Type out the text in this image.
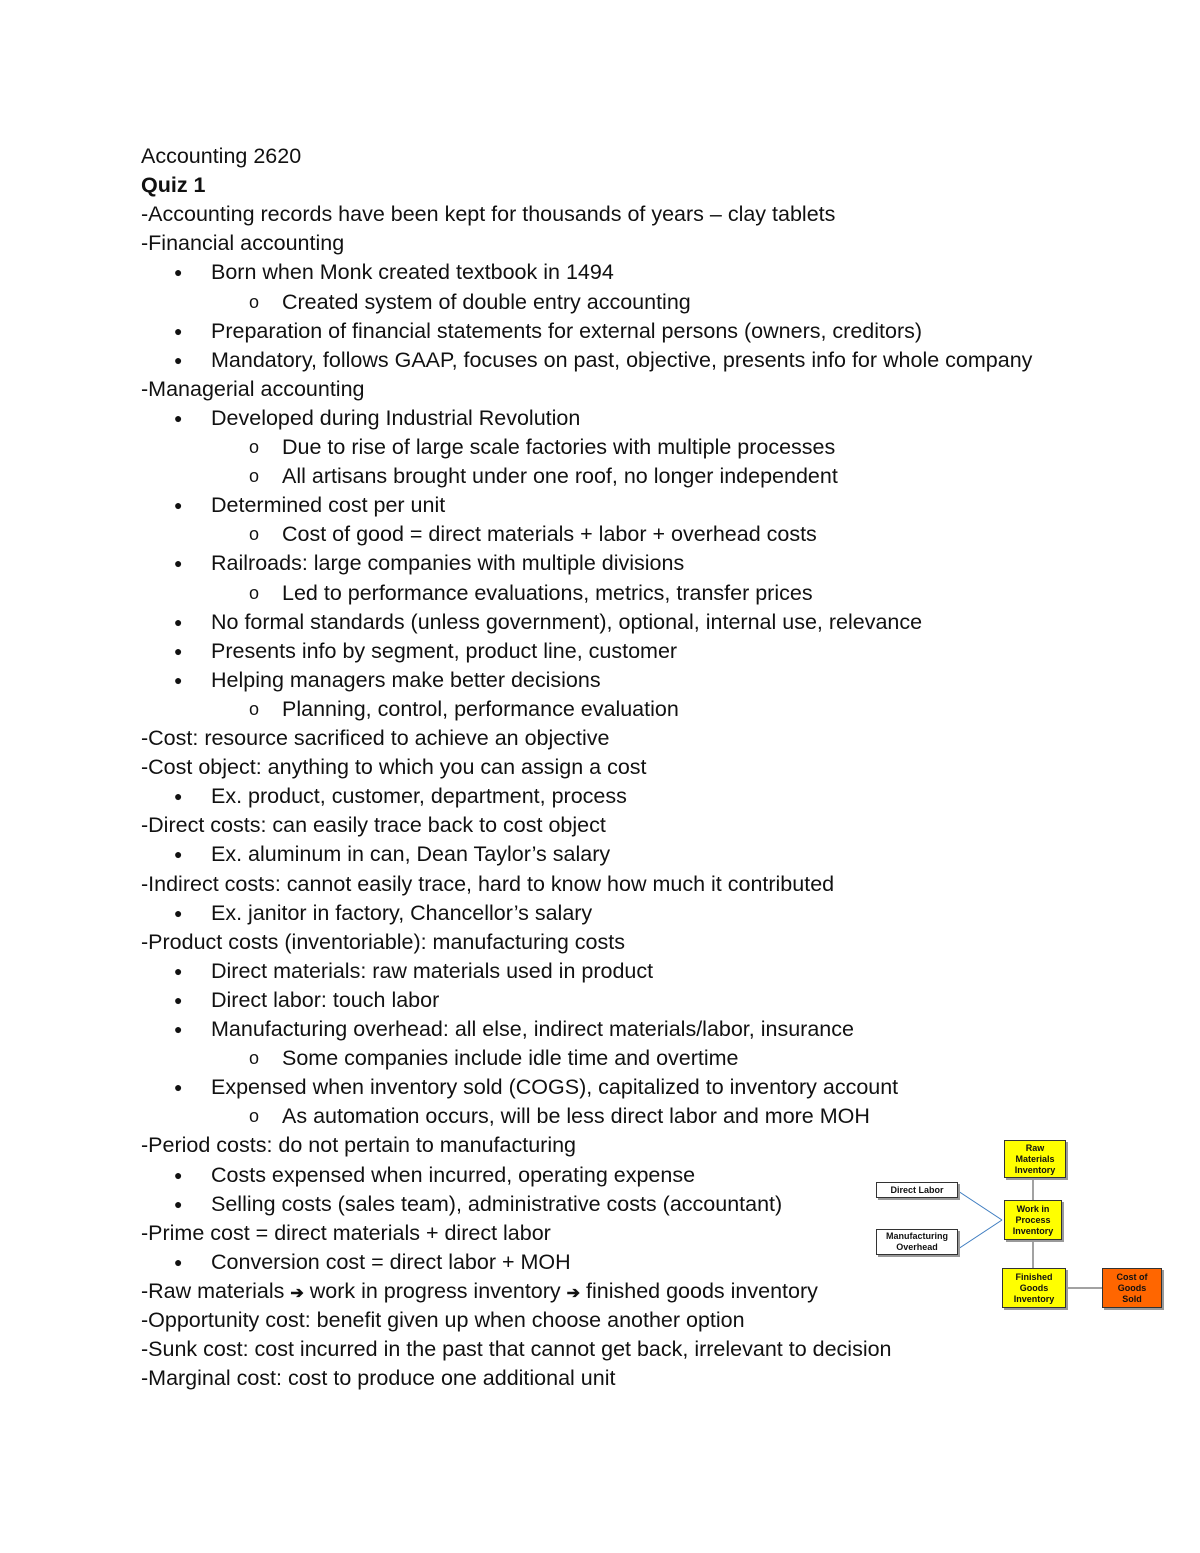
Accounting 2620
Quiz 1
-Accounting records have been kept for thousands of years – clay tablets
-Financial accounting
● Born when Monk created textbook in 1494
o Created system of double entry accounting
● Preparation of financial statements for external persons (owners, creditors)
● Mandatory, follows GAAP, focuses on past, objective, presents info for whole company
-Managerial accounting
● Developed during Industrial Revolution
o Due to rise of large scale factories with multiple processes
o All artisans brought under one roof, no longer independent
● Determined cost per unit
o Cost of good = direct materials + labor + overhead costs
● Railroads: large companies with multiple divisions
o Led to performance evaluations, metrics, transfer prices
● No formal standards (unless government), optional, internal use, relevance
● Presents info by segment, product line, customer
● Helping managers make better decisions
o Planning, control, performance evaluation
-Cost: resource sacrificed to achieve an objective
-Cost object: anything to which you can assign a cost
● Ex. product, customer, department, process
-Direct costs: can easily trace back to cost object
● Ex. aluminum in can, Dean Taylor’s salary
-Indirect costs: cannot easily trace, hard to know how much it contributed
● Ex. janitor in factory, Chancellor’s salary
-Product costs (inventoriable): manufacturing costs
● Direct materials: raw materials used in product
● Direct labor: touch labor
● Manufacturing overhead: all else, indirect materials/labor, insurance
o Some companies include idle time and overtime
● Expensed when inventory sold (COGS), capitalized to inventory account
o As automation occurs, will be less direct labor and more MOH
-Period costs: do not pertain to manufacturing
● Costs expensed when incurred, operating expense
● Selling costs (sales team), administrative costs (accountant)
-Prime cost = direct materials + direct labor
● Conversion cost = direct labor + MOH
-Raw materials ➔ work in progress inventory ➔ finished goods inventory
-Opportunity cost: benefit given up when choose another option
-Sunk cost: cost incurred in the past that cannot get back, irrelevant to decision
-Marginal cost: cost to produce one additional unit
Raw
Materials
Inventory
Direct Labor
Work in
Process
Inventory
Manufacturing
Overhead
Finished
Goods
Inventory
Cost of
Goods
Sold
